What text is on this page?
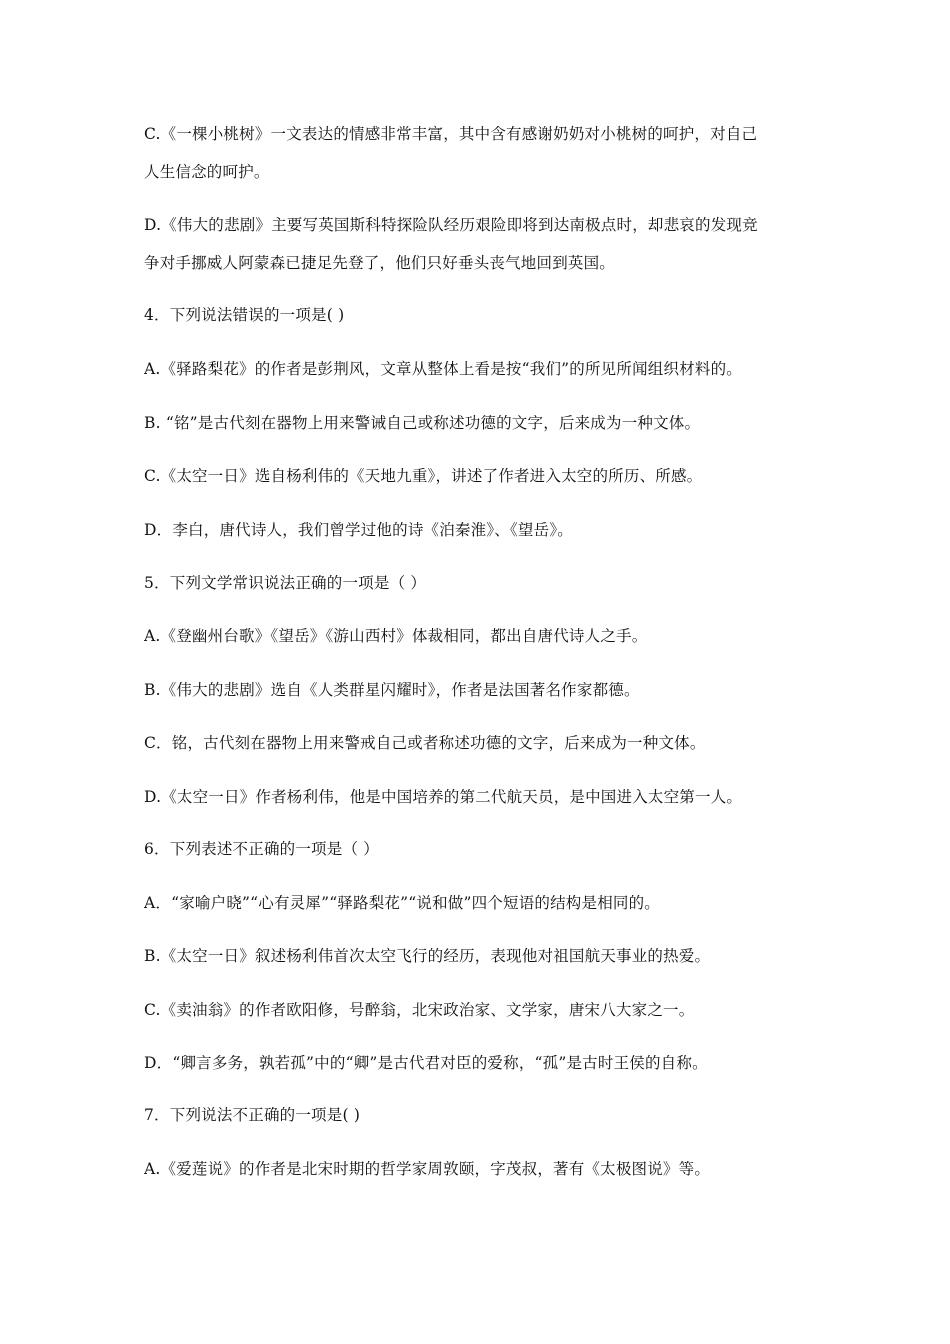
C.《一棵小桃树》一文表达的情感非常丰富，其中含有感谢奶奶对小桃树的呵护，对自己
人生信念的呵护。
D.《伟大的悲剧》主要写英国斯科特探险队经历艰险即将到达南极点时，却悲哀的发现竞
争对手挪威人阿蒙森已捷足先登了，他们只好垂头丧气地回到英国。
4．下列说法错误的一项是( )
A.《驿路梨花》的作者是彭荆风，文章从整体上看是按“我们”的所见所闻组织材料的。
B. “铭”是古代刻在器物上用来警诫自己或称述功德的文字，后来成为一种文体。
C.《太空一日》选自杨利伟的《天地九重》，讲述了作者进入太空的所历、所感。
D．李白，唐代诗人，我们曾学过他的诗《泊秦淮》、《望岳》。
5．下列文学常识说法正确的一项是（ ）
A.《登幽州台歌》《望岳》《游山西村》体裁相同，都出自唐代诗人之手。
B.《伟大的悲剧》选自《人类群星闪耀时》，作者是法国著名作家都德。
C．铭，古代刻在器物上用来警戒自己或者称述功德的文字，后来成为一种文体。
D.《太空一日》作者杨利伟，他是中国培养的第二代航天员，是中国进入太空第一人。
6．下列表述不正确的一项是（ ）
A．“家喻户晓”“心有灵犀”“驿路梨花”“说和做”四个短语的结构是相同的。
B.《太空一日》叙述杨利伟首次太空飞行的经历，表现他对祖国航天事业的热爱。
C.《卖油翁》的作者欧阳修，号醉翁，北宋政治家、文学家，唐宋八大家之一。
D．“卿言多务，孰若孤”中的“卿”是古代君对臣的爱称，“孤”是古时王侯的自称。
7．下列说法不正确的一项是( )
A.《爱莲说》的作者是北宋时期的哲学家周敦颐，字茂叔，著有《太极图说》等。
